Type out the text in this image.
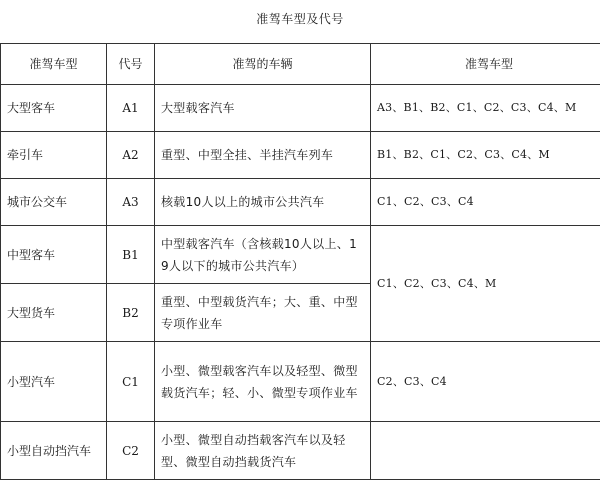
准驾车型及代号
准驾车型	代号	准驾的车辆	准驾车型
大型客车	A1	大型载客汽车	A3、B1、B2、C1、C2、C3、C4、M
牵引车	A2	重型、中型全挂、半挂汽车列车	B1、B2、C1、C2、C3、C4、M
城市公交车	A3	核载10人以上的城市公共汽车	C1、C2、C3、C4
中型客车	B1	中型载客汽车（含核载10人以上、19人以下的城市公共汽车）	C1、C2、C3、C4、M
大型货车	B2	重型、中型载货汽车；大、重、中型专项作业车	
小型汽车	C1	小型、微型载客汽车以及轻型、微型载货汽车；轻、小、微型专项作业车	C2、C3、C4
小型自动挡汽车	C2	小型、微型自动挡载客汽车以及轻型、微型自动挡载货汽车	
